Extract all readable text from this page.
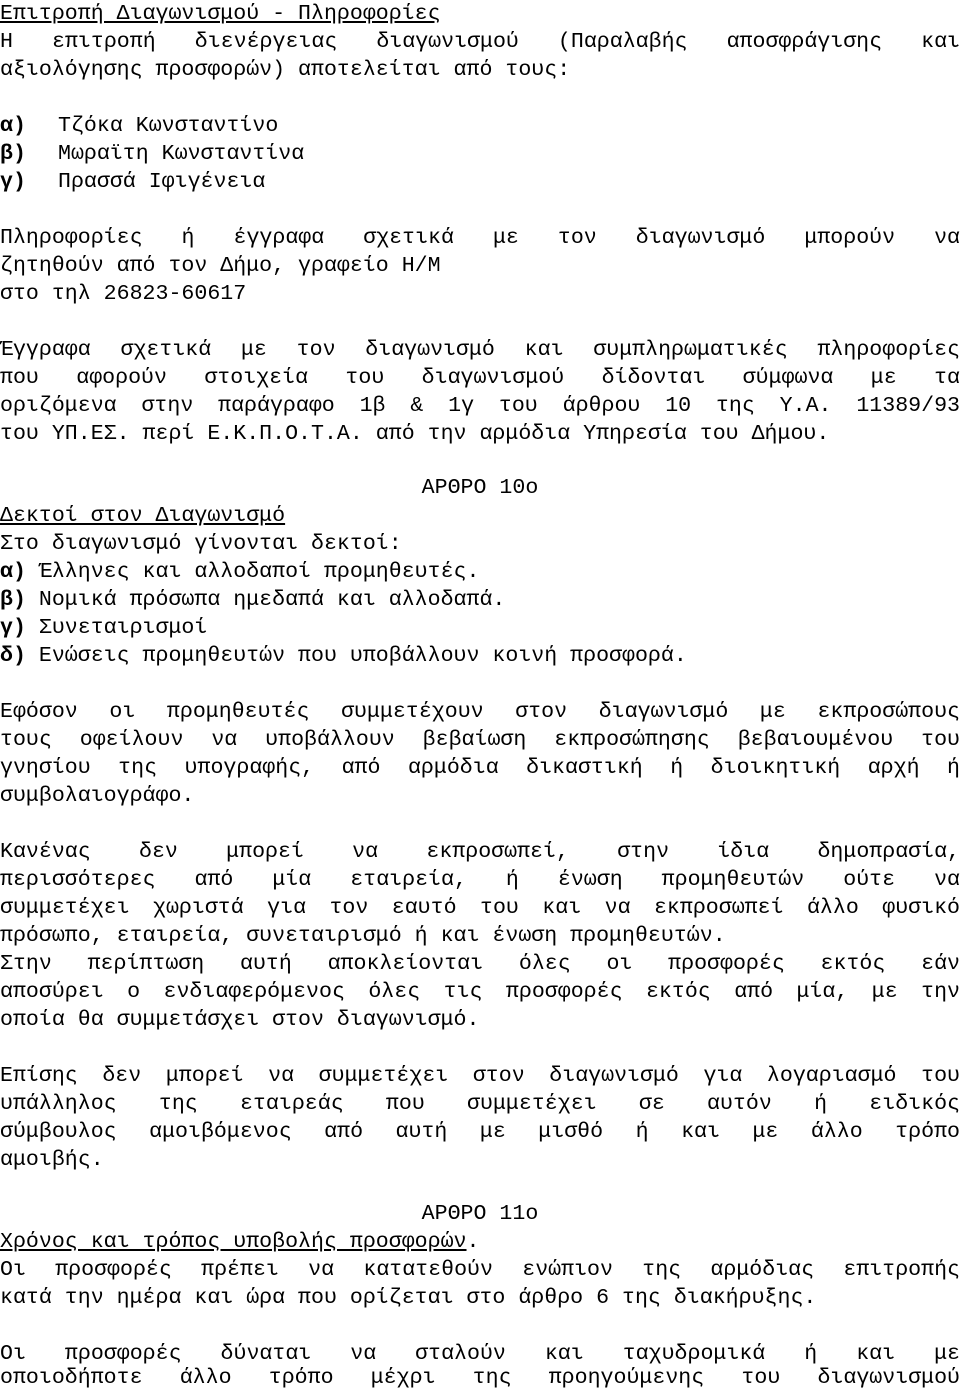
Επιτροπή Διαγωνισμού - Πληροφορίες
Η επιτροπή διενέργειας διαγωνισμού (Παραλαβής αποσφράγισης και
αξιολόγησης προσφορών) αποτελείται από τους:
α) Τζόκα Κωνσταντίνο
β) Μωραϊτη Κωνσταντίνα
γ) Πρασσά Ιφιγένεια
Πληροφορίες ή έγγραφα σχετικά με τον διαγωνισμό μπορούν να
ζητηθούν από τον Δήμο, γραφείο Η/Μ
στο τηλ 26823-60617
Έγγραφα σχετικά με τον διαγωνισμό και συμπληρωματικές πληροφορίες
που αφορούν στοιχεία του διαγωνισμού δίδονται σύμφωνα με τα
οριζόμενα στην παράγραφο 1β & 1γ του άρθρου 10 της Υ.Α. 11389/93
του ΥΠ.ΕΣ. περί Ε.Κ.Π.Ο.Τ.Α. από την αρμόδια Υπηρεσία του Δήμου.
ΑΡΘΡΟ 10ο
Δεκτοί στον Διαγωνισμό
Στο διαγωνισμό γίνονται δεκτοί:
α) Έλληνες και αλλοδαποί προμηθευτές.
β) Νομικά πρόσωπα ημεδαπά και αλλοδαπά.
γ) Συνεταιρισμοί
δ) Ενώσεις προμηθευτών που υποβάλλουν κοινή προσφορά.
Εφόσον οι προμηθευτές συμμετέχουν στον διαγωνισμό με εκπροσώπους
τους οφείλουν να υποβάλλουν βεβαίωση εκπροσώπησης βεβαιουμένου του
γνησίου της υπογραφής, από αρμόδια δικαστική ή διοικητική αρχή ή
συμβολαιογράφο.
Κανένας δεν μπορεί να εκπροσωπεί, στην ίδια δημοπρασία,
περισσότερες από μία εταιρεία, ή ένωση προμηθευτών ούτε να
συμμετέχει χωριστά για τον εαυτό του και να εκπροσωπεί άλλο φυσικό
πρόσωπο, εταιρεία, συνεταιρισμό ή και ένωση προμηθευτών.
Στην περίπτωση αυτή αποκλείονται όλες οι προσφορές εκτός εάν
αποσύρει ο ενδιαφερόμενος όλες τις προσφορές εκτός από μία, με την
οποία θα συμμετάσχει στον διαγωνισμό.
Επίσης δεν μπορεί να συμμετέχει στον διαγωνισμό για λογαριασμό του
υπάλληλος της εταιρεάς που συμμετέχει σε αυτόν ή ειδικός
σύμβουλος αμοιβόμενος από αυτή με μισθό ή και με άλλο τρόπο
αμοιβής.
ΑΡΘΡΟ 11ο
Χρόνος και τρόπος υποβολής προσφορών.
Οι προσφορές πρέπει να κατατεθούν ενώπιον της αρμόδιας επιτροπής
κατά την ημέρα και ώρα που ορίζεται στο άρθρο 6 της διακήρυξης.
Οι προσφορές δύναται να σταλούν και ταχυδρομικά ή και με
οποιοδήποτε άλλο τρόπο μέχρι της προηγούμενης του διαγωνισμού
